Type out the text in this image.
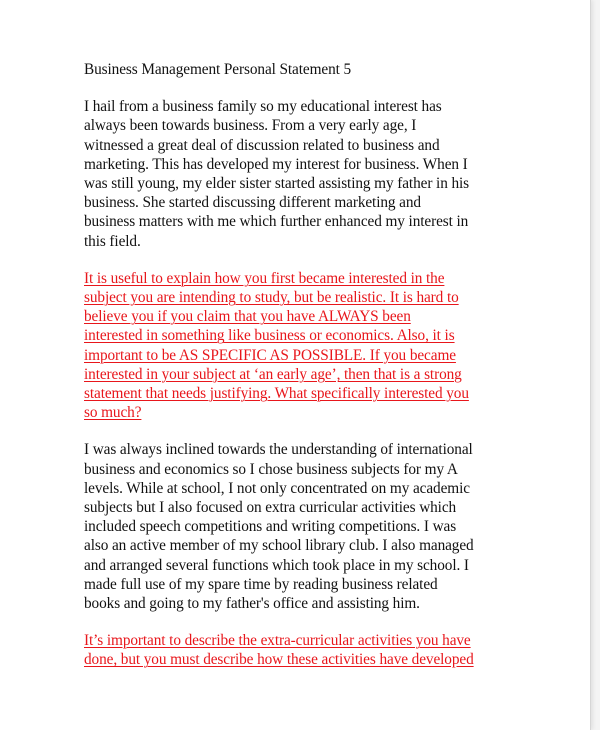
Business Management Personal Statement 5
I hail from a business family so my educational interest has
always been towards business. From a very early age, I
witnessed a great deal of discussion related to business and
marketing. This has developed my interest for business. When I
was still young, my elder sister started assisting my father in his
business. She started discussing different marketing and
business matters with me which further enhanced my interest in
this field.
It is useful to explain how you first became interested in the
subject you are intending to study, but be realistic. It is hard to
believe you if you claim that you have ALWAYS been
interested in something like business or economics. Also, it is
important to be AS SPECIFIC AS POSSIBLE. If you became
interested in your subject at ‘an early age’, then that is a strong
statement that needs justifying. What specifically interested you
so much?
I was always inclined towards the understanding of international
business and economics so I chose business subjects for my A
levels. While at school, I not only concentrated on my academic
subjects but I also focused on extra curricular activities which
included speech competitions and writing competitions. I was
also an active member of my school library club. I also managed
and arranged several functions which took place in my school. I
made full use of my spare time by reading business related
books and going to my father's office and assisting him.
It’s important to describe the extra-curricular activities you have
done, but you must describe how these activities have developed
